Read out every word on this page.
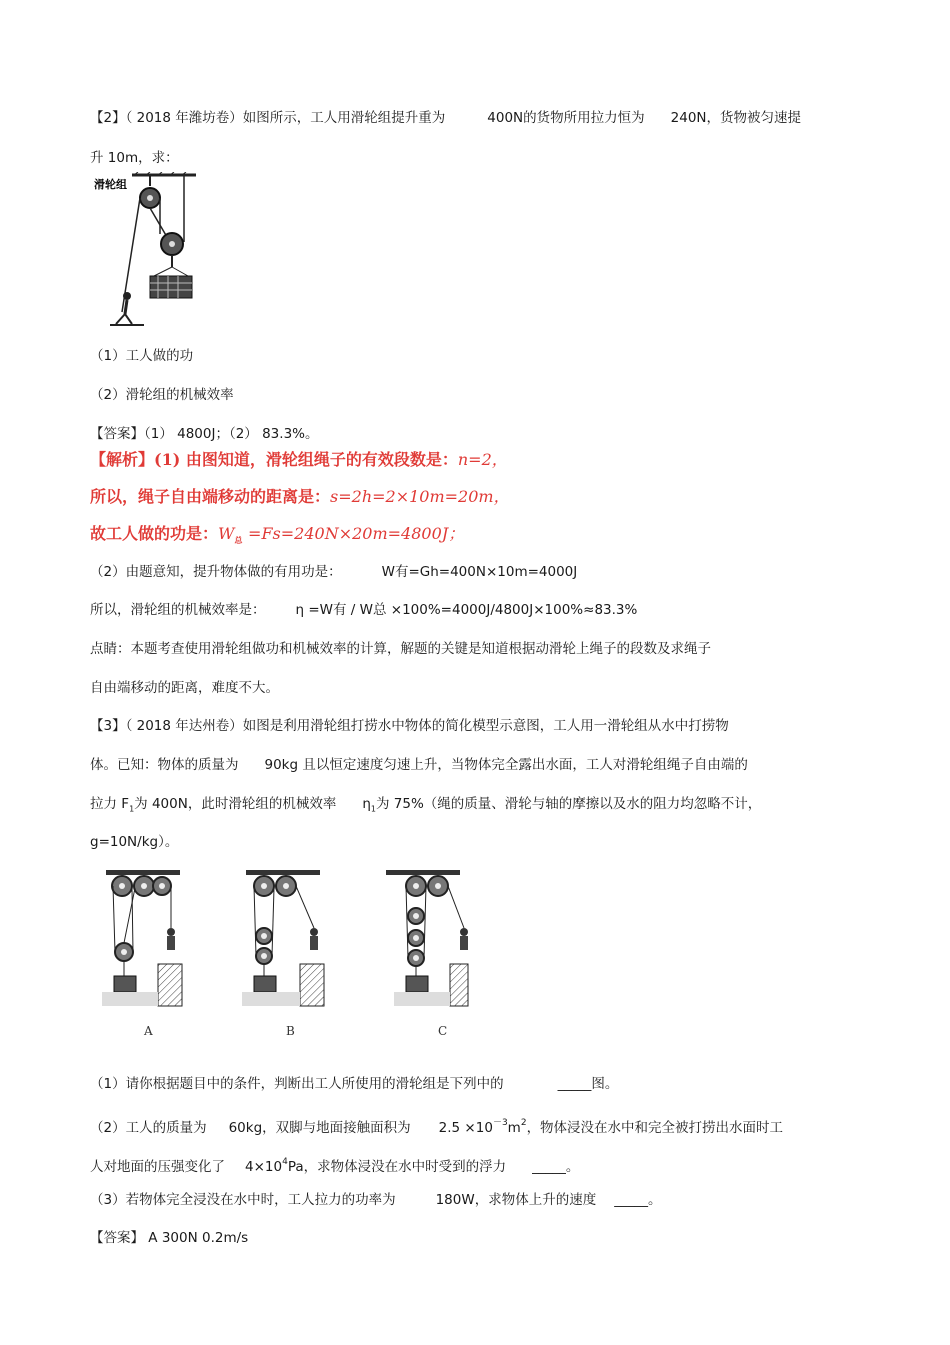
【2】（ 2018 年潍坊卷）如图所示，工人用滑轮组提升重为	400N的货物所用拉力恒为 240N，货物被匀速提
升 10m，求：
滑轮组
（1）工人做的功
（2）滑轮组的机械效率
【答案】（1） 4800J；（2） 83.3%。
【解析】(1) 由图知道，滑轮组绳子的有效段数是：n=2，
所以，绳子自由端移动的距离是：s=2h=2×10m=20m，
故工人做的功是：$W_总 =Fs=240N\times 20m=4800J$；
（2）由题意知，提升物体做的有用功是：	W有=Gh=400N×10m=4000J
所以，滑轮组的机械效率是： η =W有 / W总 ×100%=4000J/4800J×100%≈83.3%
点睛：本题考查使用滑轮组做功和机械效率的计算，解题的关键是知道根据动滑轮上绳子的段数及求绳子
自由端移动的距离，难度不大。
【3】（ 2018 年达州卷）如图是利用滑轮组打捞水中物体的简化模型示意图，工人用一滑轮组从水中打捞物
体。已知：物体的质量为 90kg 且以恒定速度匀速上升，当物体完全露出水面，工人对滑轮组绳子自由端的
拉力 $F_1$为 400N，此时滑轮组的机械效率 $\eta_1$为 75%（绳的质量、滑轮与轴的摩擦以及水的阻力均忽略不计，
g=10N/kg）。
A	B	C
（1）请你根据题目中的条件，判断出工人所使用的滑轮组是下列中的	_____图。
（2）工人的质量为 60kg，双脚与地面接触面积为 $2.5 \times 10^{-3}m^2$，物体浸没在水中和完全被打捞出水面时工
人对地面的压强变化了 $4\times 10^4Pa$，求物体浸没在水中时受到的浮力 _____。
（3）若物体完全浸没在水中时，工人拉力的功率为	180W，求物体上升的速度 _____。
【答案】 A 300N 0.2m/s
